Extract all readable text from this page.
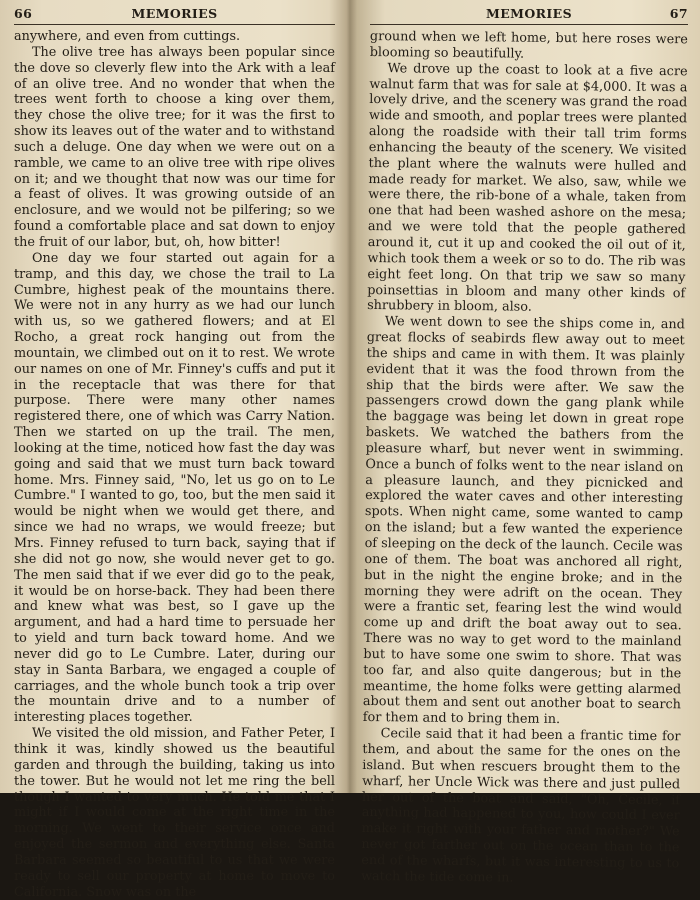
66	MEMORIES

anywhere, and even from cuttings.

The olive tree has always been popular since the dove so cleverly flew into the Ark with a leaf of an olive tree. And no wonder that when the trees went forth to choose a king over them, they chose the olive tree; for it was the first to show its leaves out of the water and to withstand such a deluge. One day when we were out on a ramble, we came to an olive tree with ripe olives on it; and we thought that now was our time for a feast of olives. It was growing outside of an enclosure, and we would not be pilfering; so we found a comfortable place and sat down to enjoy the fruit of our labor, but, oh, how bitter!

One day we four started out again for a tramp, and this day, we chose the trail to La Cumbre, highest peak of the mountains there. We were not in any hurry as we had our lunch with us, so we gathered flowers; and at El Rocho, a great rock hanging out from the mountain, we climbed out on it to rest. We wrote our names on one of Mr. Finney's cuffs and put it in the receptacle that was there for that purpose. There were many other names registered there, one of which was Carry Nation. Then we started on up the trail. The men, looking at the time, noticed how fast the day was going and said that we must turn back toward home. Mrs. Finney said, "No, let us go on to Le Cumbre." I wanted to go, too, but the men said it would be night when we would get there, and since we had no wraps, we would freeze; but Mrs. Finney refused to turn back, saying that if she did not go now, she would never get to go. The men said that if we ever did go to the peak, it would be on horse-back. They had been there and knew what was best, so I gave up the argument, and had a hard time to persuade her to yield and turn back toward home. And we never did go to Le Cumbre. Later, during our stay in Santa Barbara, we engaged a couple of carriages, and the whole bunch took a trip over the mountain drive and to a number of interesting places together.

We visited the old mission, and Father Peter, I think it was, kindly showed us the beautiful garden and through the building, taking us into the tower. But he would not let me ring the bell though I wanted to very much. He told me that I might if I would come at the right time in the morning. We went to their service once and enjoyed the sermon and everything else. Santa Barbara seemed so beautiful to us that we were ready to sell our property at home to move to California. Snow was on the

MEMORIES	67

ground when we left home, but here roses were blooming so beautifully.

We drove up the coast to look at a five acre walnut farm that was for sale at $4,000. It was a lovely drive, and the scenery was grand the road wide and smooth, and poplar trees were planted along the roadside with their tall trim forms enhancing the beauty of the scenery. We visited the plant where the walnuts were hulled and made ready for market. We also, saw, while we were there, the rib-bone of a whale, taken from one that had been washed ashore on the mesa; and we were told that the people gathered around it, cut it up and cooked the oil out of it, which took them a week or so to do. The rib was eight feet long. On that trip we saw so many poinsettias in bloom and many other kinds of shrubbery in bloom, also.

We went down to see the ships come in, and great flocks of seabirds flew away out to meet the ships and came in with them. It was plainly evident that it was the food thrown from the ship that the birds were after. We saw the passengers crowd down the gang plank while the baggage was being let down in great rope baskets. We watched the bathers from the pleasure wharf, but never went in swimming. Once a bunch of folks went to the near island on a pleasure launch, and they picnicked and explored the water caves and other interesting spots. When night came, some wanted to camp on the island; but a few wanted the experience of sleeping on the deck of the launch. Cecile was one of them. The boat was anchored all right, but in the night the engine broke; and in the morning they were adrift on the ocean. They were a frantic set, fearing lest the wind would come up and drift the boat away out to sea. There was no way to get word to the mainland but to have some one swim to shore. That was too far, and also quite dangerous; but in the meantime, the home folks were getting alarmed about them and sent out another boat to search for them and to bring them in.

Cecile said that it had been a frantic time for them, and about the same for the ones on the island. But when rescuers brought them to the wharf, her Uncle Wick was there and just pulled her out of the boat and said, "Oh, Cecile, if anything had happened to you, how could I ever make it right with your father and mother?" We never got farther out on the ocean than to the end of the wharfs, but it was interesting to us to watch the tide come in.
